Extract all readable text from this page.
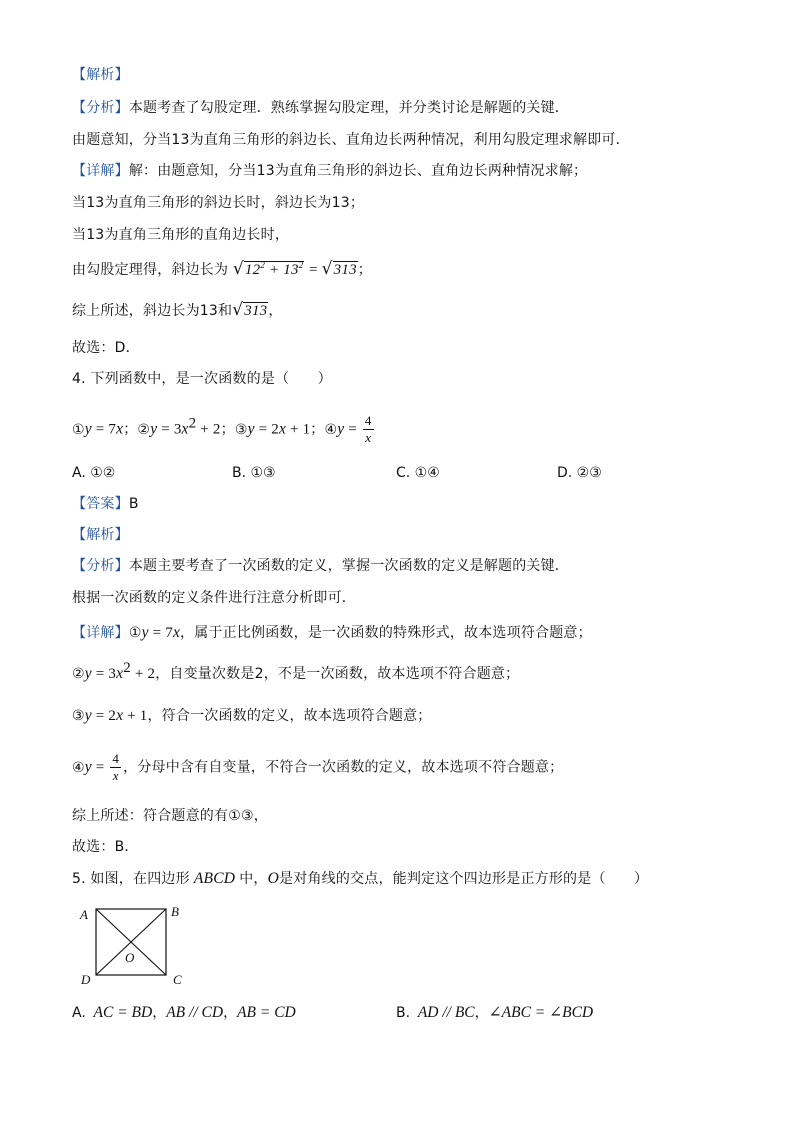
【解析】
【分析】本题考查了勾股定理．熟练掌握勾股定理，并分类讨论是解题的关键．
由题意知，分当13为直角三角形的斜边长、直角边长两种情况，利用勾股定理求解即可．
【详解】解：由题意知，分当13为直角三角形的斜边长、直角边长两种情况求解；
当13为直角三角形的斜边长时，斜边长为13；
当13为直角三角形的直角边长时，
由勾股定理得，斜边长为 $√12^2 + 13^2 = √313$；
综上所述，斜边长为13和√313，
故选：D．
4. 下列函数中，是一次函数的是（　　）
①y = 7x；②y = $3x^2 + 2$；③y = 2x + 1；④y = $\frac{4}{x}$
A. ①②	B. ①③	C. ①④	D. ②③
【答案】B
【解析】
【分析】本题主要考查了一次函数的定义，掌握一次函数的定义是解题的关键．
根据一次函数的定义条件进行注意分析即可．
【详解】①y = 7x，属于正比例函数，是一次函数的特殊形式，故本选项符合题意；
②y = $3x^2 + 2$，自变量次数是2，不是一次函数，故本选项不符合题意；
③y = 2x + 1，符合一次函数的定义，故本选项符合题意；
④y = $\frac{4}{x}$ ，分母中含有自变量，不符合一次函数的定义，故本选项不符合题意；
综上所述：符合题意的有①③，
故选：B．
5. 如图，在四边形 ABCD 中，O是对角线的交点，能判定这个四边形是正方形的是（　　）
A	B
C
D
O
A.  AC = BD，AB // CD，AB = CD	B.  AD // BC，∠ABC = ∠BCD
